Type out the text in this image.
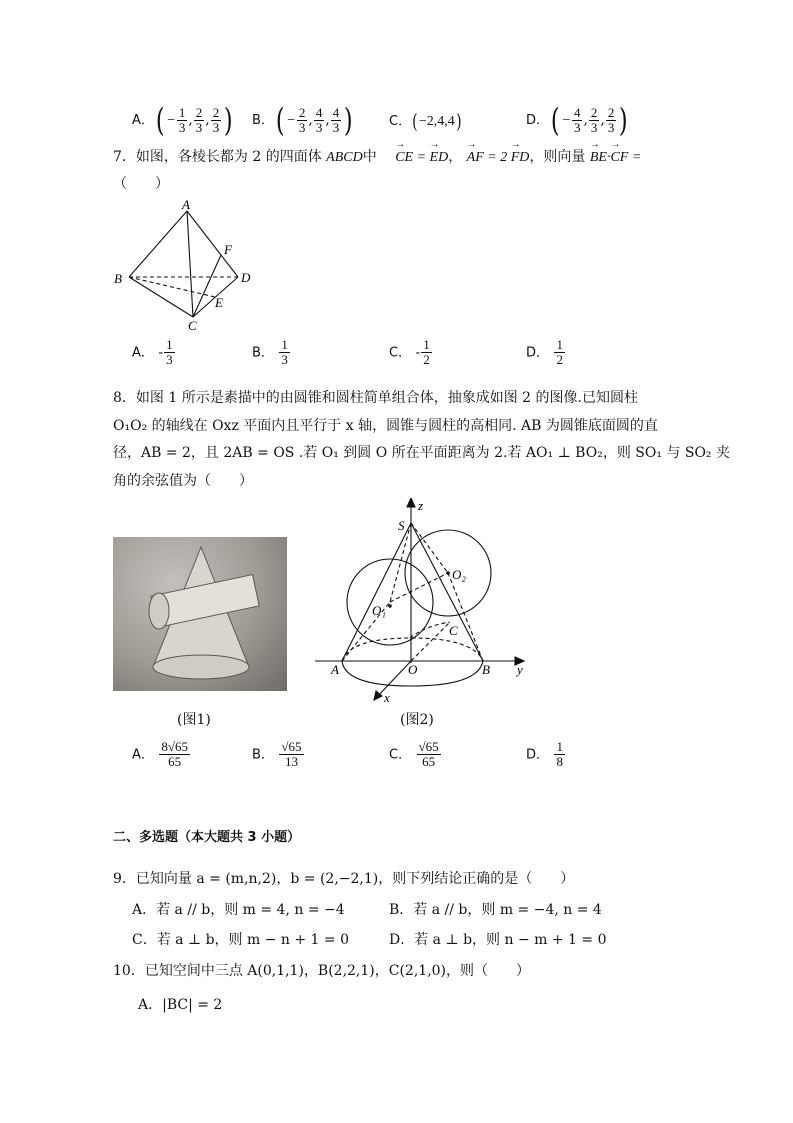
A．( − $\frac{1}{3}$ , $\frac{2}{3}$ , $\frac{2}{3}$ ) B．( − $\frac{2}{3}$ , $\frac{4}{3}$ , $\frac{4}{3}$ )	C．(−2,4,4)	D．( − $\frac{4}{3}$ , $\frac{2}{3}$ , $\frac{2}{3}$ )
7．如图，各棱长都为 2 的四面体 ABCD中 → CE = → ED， → AF = 2 → FD，则向量 → BE·→ CF =
（　　）
A
B
C
D
E
F
A． - $\frac{1}{3}$	B． $\frac{1}{3}$	C． - $\frac{1}{2}$	D． $\frac{1}{2}$
8．如图 1 所示是素描中的由圆锥和圆柱简单组合体，抽象成如图 2 的图像.已知圆柱
O₁O₂ 的轴线在 Oxz 平面内且平行于 x 轴，圆锥与圆柱的高相同. AB 为圆锥底面圆的直
径，AB = 2，且 2AB = OS .若 O₁ 到圆 O 所在平面距离为 2.若 AO₁ ⊥ BO₂，则 SO₁ 与 SO₂ 夹
角的余弦值为（　　）
(图1)
S
z
O₂
O₁
C
A	O	B y
x
(图2)
A． $\frac{8√65}{65}$	B． $\frac{√65}{13}$	C． $\frac{√65}{65}$	D． $\frac{1}{8}$
二、多选题（本大题共 3 小题）
9．已知向量 a = (m,n,2)，b = (2,−2,1)，则下列结论正确的是（　　）
A．若 a // b，则 m = 4, n = −4	B．若 a // b，则 m = −4, n = 4
C．若 a ⊥ b，则 m − n + 1 = 0	D．若 a ⊥ b，则 n − m + 1 = 0
10．已知空间中三点 A(0,1,1)，B(2,2,1)，C(2,1,0)，则（　　）
A．|BC| = 2
